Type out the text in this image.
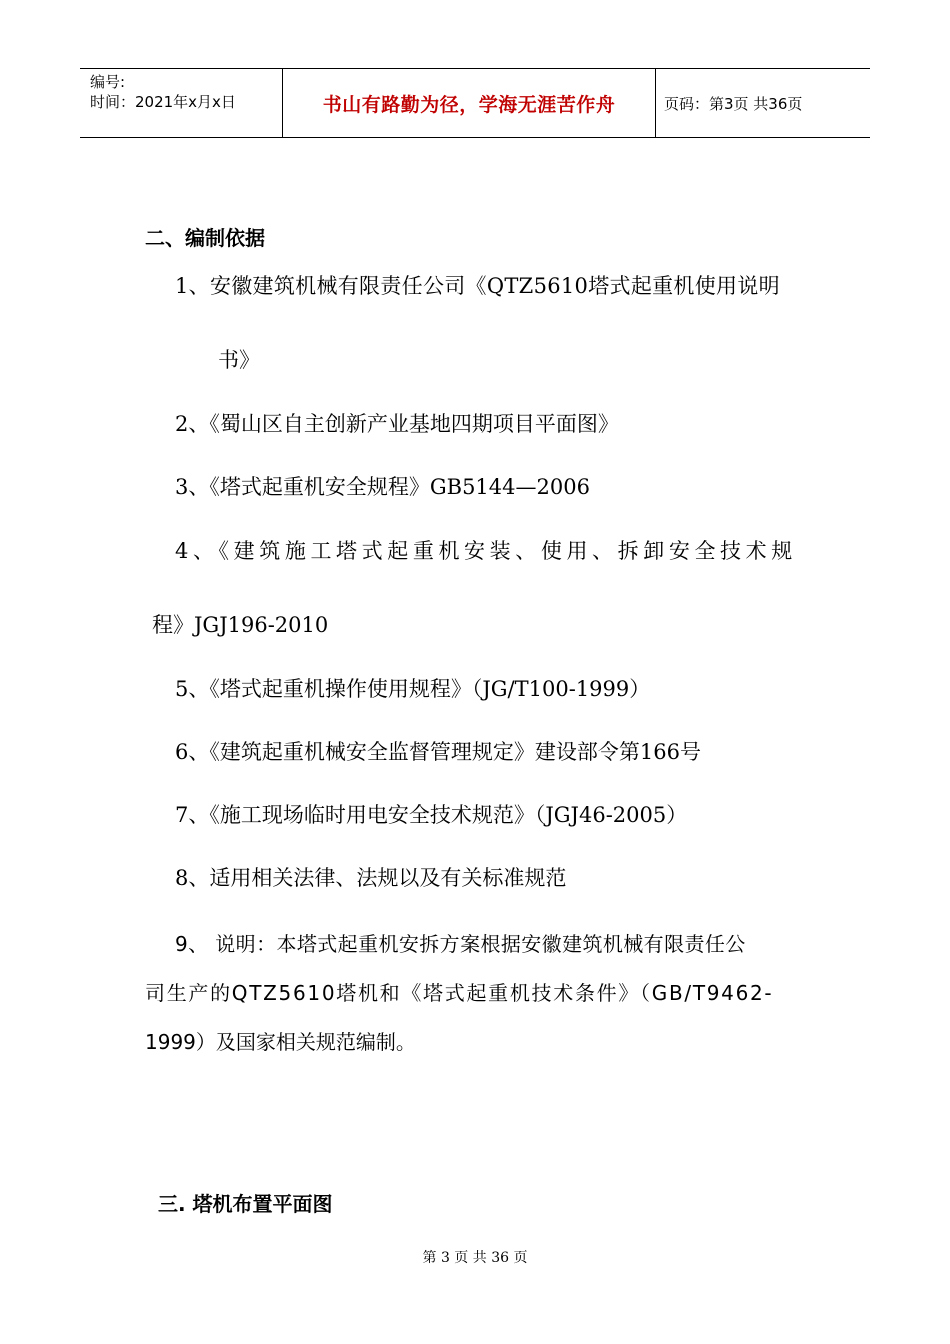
编号:
时间：2021年x月x日	书山有路勤为径，学海无涯苦作舟	页码：第3页 共36页
二、编制依据
1、安徽建筑机械有限责任公司《QTZ5610塔式起重机使用说明
书》
2、《蜀山区自主创新产业基地四期项目平面图》
3、《塔式起重机安全规程》GB5144—2006
4、《建筑施工塔式起重机安装、使用、拆卸安全技术规
程》JGJ196-2010
5、《塔式起重机操作使用规程》（JG/T100-1999）
6、《建筑起重机械安全监督管理规定》建设部令第166号
7、《施工现场临时用电安全技术规范》（JGJ46-2005）
8、适用相关法律、法规以及有关标准规范
9、 说明：本塔式起重机安拆方案根据安徽建筑机械有限责任公
司生产的QTZ5610塔机和《塔式起重机技术条件》（GB/T9462-
1999）及国家相关规范编制。
三. 塔机布置平面图
第 3 页 共 36 页
